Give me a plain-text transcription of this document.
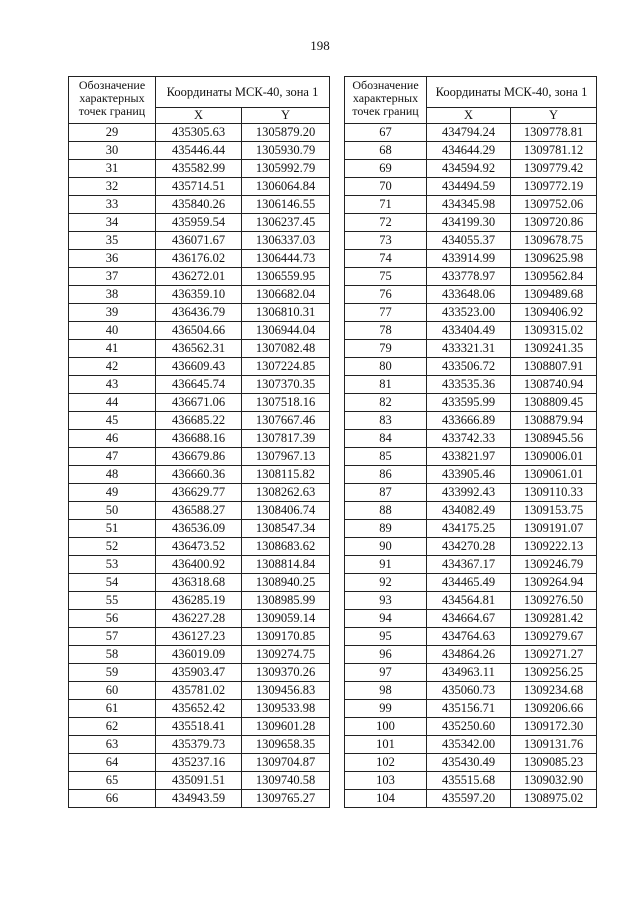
198
Обозначение характерных точек границ	Координаты МСК-40, зона 1	
	X	Y
29	435305.63	1305879.20
30	435446.44	1305930.79
31	435582.99	1305992.79
32	435714.51	1306064.84
33	435840.26	1306146.55
34	435959.54	1306237.45
35	436071.67	1306337.03
36	436176.02	1306444.73
37	436272.01	1306559.95
38	436359.10	1306682.04
39	436436.79	1306810.31
40	436504.66	1306944.04
41	436562.31	1307082.48
42	436609.43	1307224.85
43	436645.74	1307370.35
44	436671.06	1307518.16
45	436685.22	1307667.46
46	436688.16	1307817.39
47	436679.86	1307967.13
48	436660.36	1308115.82
49	436629.77	1308262.63
50	436588.27	1308406.74
51	436536.09	1308547.34
52	436473.52	1308683.62
53	436400.92	1308814.84
54	436318.68	1308940.25
55	436285.19	1308985.99
56	436227.28	1309059.14
57	436127.23	1309170.85
58	436019.09	1309274.75
59	435903.47	1309370.26
60	435781.02	1309456.83
61	435652.42	1309533.98
62	435518.41	1309601.28
63	435379.73	1309658.35
64	435237.16	1309704.87
65	435091.51	1309740.58
66	434943.59	1309765.27
Обозначение характерных точек границ	Координаты МСК-40, зона 1	
	X	Y
67	434794.24	1309778.81
68	434644.29	1309781.12
69	434594.92	1309779.42
70	434494.59	1309772.19
71	434345.98	1309752.06
72	434199.30	1309720.86
73	434055.37	1309678.75
74	433914.99	1309625.98
75	433778.97	1309562.84
76	433648.06	1309489.68
77	433523.00	1309406.92
78	433404.49	1309315.02
79	433321.31	1309241.35
80	433506.72	1308807.91
81	433535.36	1308740.94
82	433595.99	1308809.45
83	433666.89	1308879.94
84	433742.33	1308945.56
85	433821.97	1309006.01
86	433905.46	1309061.01
87	433992.43	1309110.33
88	434082.49	1309153.75
89	434175.25	1309191.07
90	434270.28	1309222.13
91	434367.17	1309246.79
92	434465.49	1309264.94
93	434564.81	1309276.50
94	434664.67	1309281.42
95	434764.63	1309279.67
96	434864.26	1309271.27
97	434963.11	1309256.25
98	435060.73	1309234.68
99	435156.71	1309206.66
100	435250.60	1309172.30
101	435342.00	1309131.76
102	435430.49	1309085.23
103	435515.68	1309032.90
104	435597.20	1308975.02
